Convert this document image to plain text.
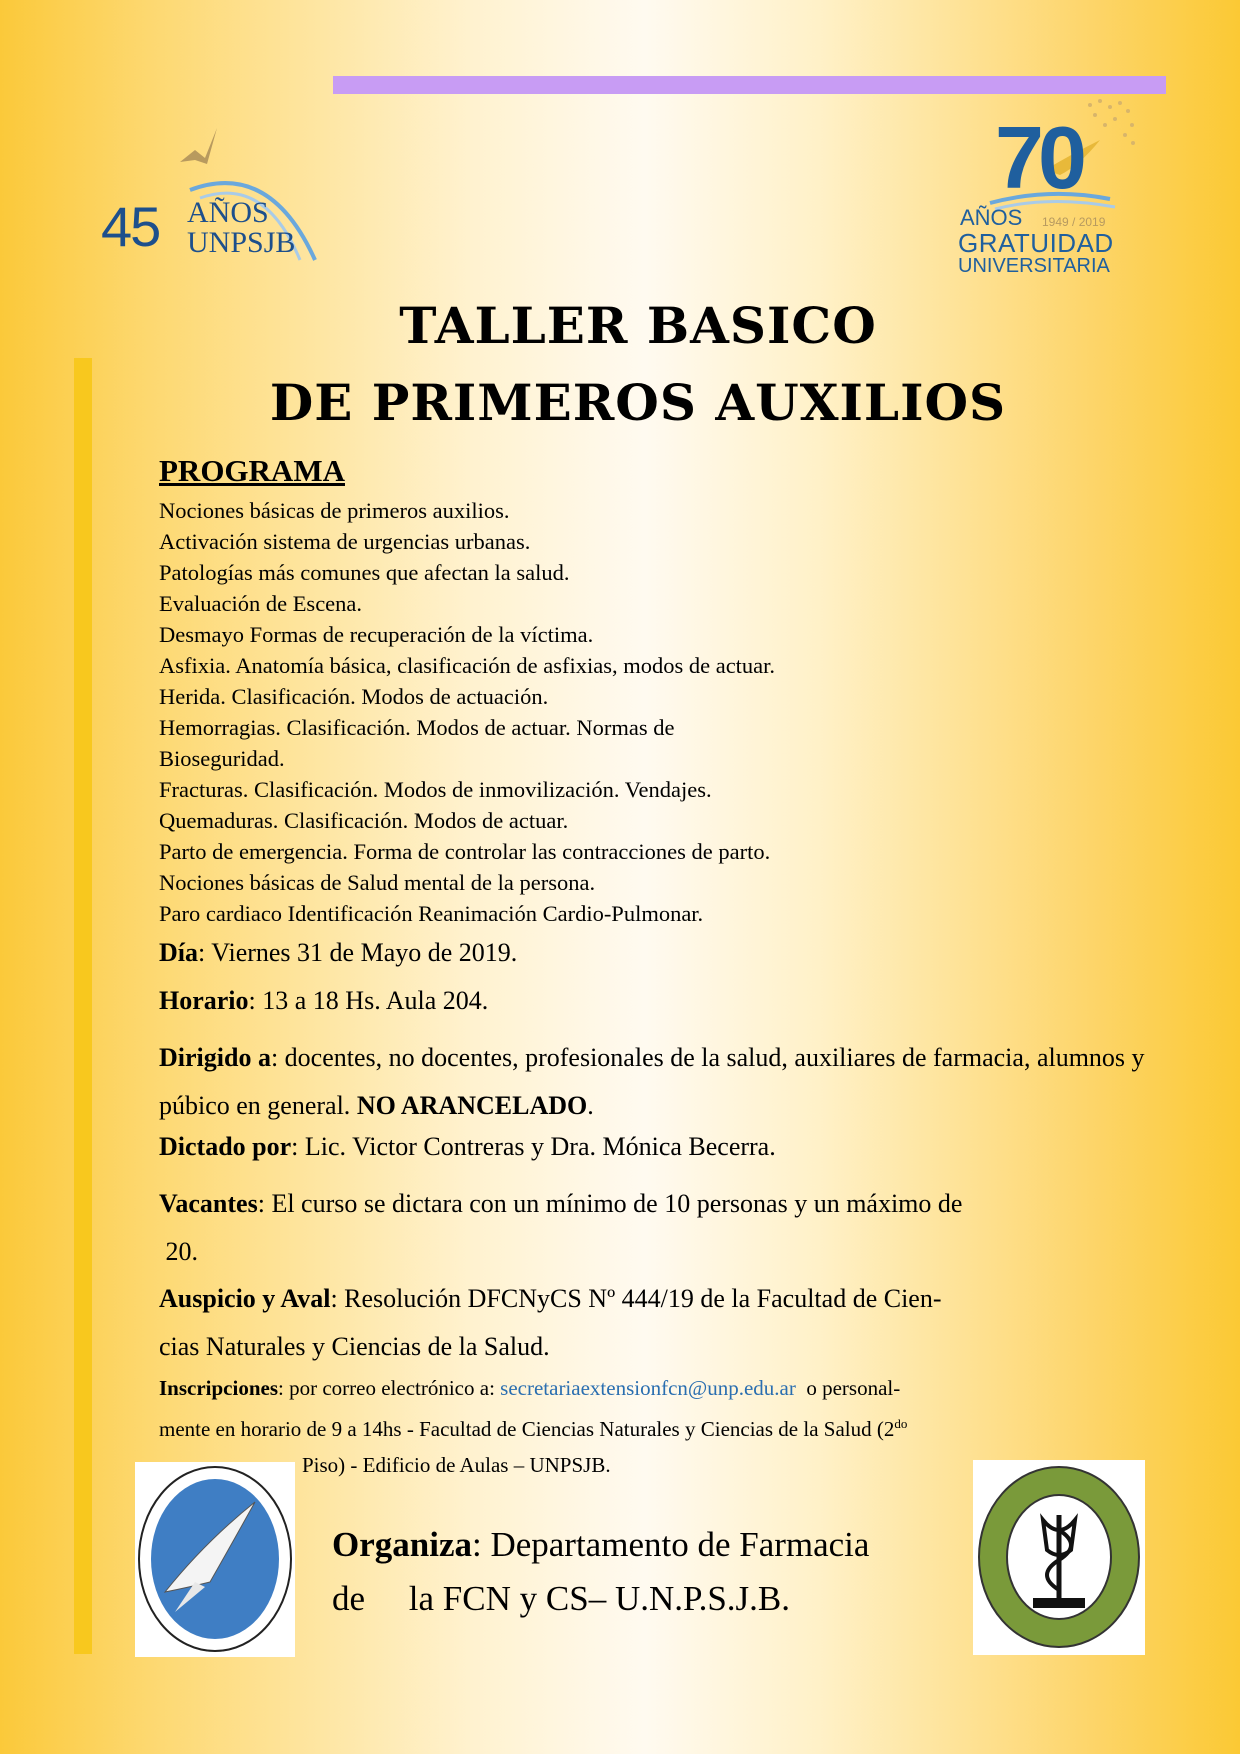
45 AÑOS
UNPSJB
70
AÑOS 1949 / 2019
GRATUIDAD
UNIVERSITARIA
TALLER BASICO
DE PRIMEROS AUXILIOS
PROGRAMA
Nociones básicas de primeros auxilios.
Activación sistema de urgencias urbanas.
Patologías más comunes que afectan la salud.
Evaluación de Escena.
Desmayo Formas de recuperación de la víctima.
Asfixia. Anatomía básica, clasificación de asfixias, modos de actuar.
Herida. Clasificación. Modos de actuación.
Hemorragias. Clasificación. Modos de actuar. Normas de
Bioseguridad.
Fracturas. Clasificación. Modos de inmovilización. Vendajes.
Quemaduras. Clasificación. Modos de actuar.
Parto de emergencia. Forma de controlar las contracciones de parto.
Nociones básicas de Salud mental de la persona.
Paro cardiaco Identificación Reanimación Cardio-Pulmonar.
Día: Viernes 31 de Mayo de 2019.
Horario: 13 a 18 Hs. Aula 204.
Dirigido a: docentes, no docentes, profesionales de la salud, auxiliares de farmacia, alumnos y púbico en general. NO ARANCELADO.
Dictado por: Lic. Victor Contreras y Dra. Mónica Becerra.
Vacantes: El curso se dictara con un mínimo de 10 personas y un máximo de
20.
Auspicio y Aval: Resolución DFCNyCS Nº 444/19 de la Facultad de Cien-
cias Naturales y Ciencias de la Salud.
Inscripciones: por correo electrónico a: secretariaextensionfcn@unp.edu.ar  o personal-
mente en horario de 9 a 14hs - Facultad de Ciencias Naturales y Ciencias de la Salud ($2^{do}$
Piso) - Edificio de Aulas – UNPSJB.
Organiza: Departamento de Farmacia
de     la FCN y CS– U.N.P.S.J.B.
